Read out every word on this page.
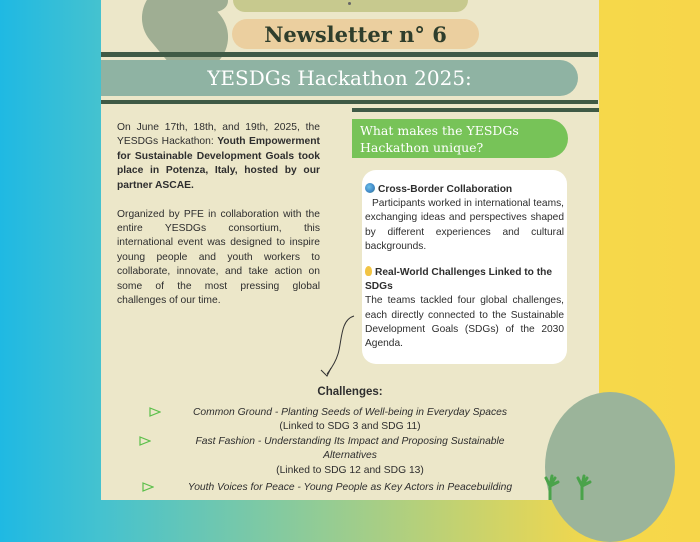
Newsletter n° 6
YESDGs Hackathon 2025:

On June 17th, 18th, and 19th, 2025, the YESDGs Hackathon: Youth Empowerment for Sustainable Development Goals took place in Potenza, Italy, hosted by our partner ASCAE.

Organized by PFE in collaboration with the entire YESDGs consortium, this international event was designed to inspire young people and youth workers to collaborate, innovate, and take action on some of the most pressing global challenges of our time.

What makes the YESDGs Hackathon unique?
Cross-Border Collaboration
Participants worked in international teams, exchanging ideas and perspectives shaped by different experiences and cultural backgrounds.
Real-World Challenges Linked to the SDGs
The teams tackled four global challenges, each directly connected to the Sustainable Development Goals (SDGs) of the 2030 Agenda.
Challenges:
Common Ground - Planting Seeds of Well-being in Everyday Spaces
(Linked to SDG 3 and SDG 11)
Fast Fashion - Understanding Its Impact and Proposing Sustainable
Alternatives
(Linked to SDG 12 and SDG 13)
Youth Voices for Peace - Young People as Key Actors in Peacebuilding
